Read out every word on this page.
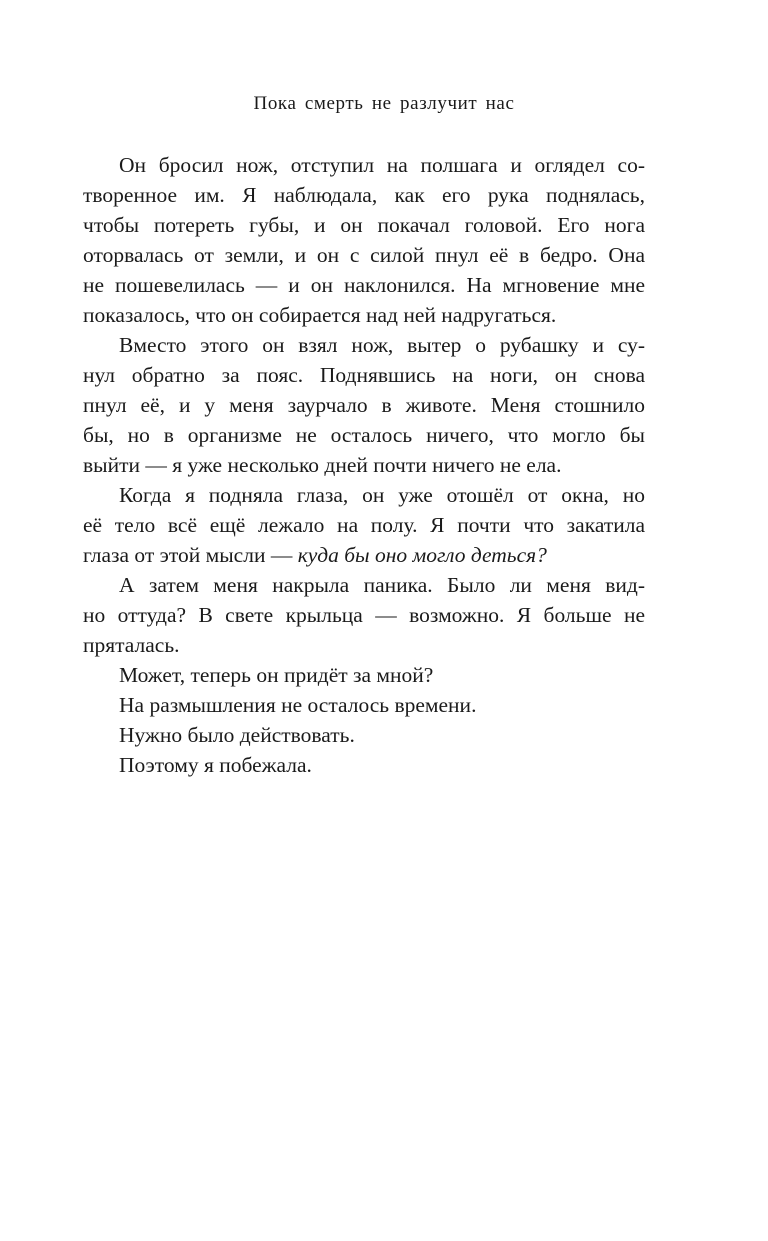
Пока смерть не разлучит нас
Он бросил нож, отступил на полшага и оглядел со-
творенное им. Я наблюдала, как его рука поднялась,
чтобы потереть губы, и он покачал головой. Его нога
оторвалась от земли, и он с силой пнул её в бедро. Она
не пошевелилась — и он наклонился. На мгновение мне
показалось, что он собирается над ней надругаться.
Вместо этого он взял нож, вытер о рубашку и су-
нул обратно за пояс. Поднявшись на ноги, он снова
пнул её, и у меня заурчало в животе. Меня стошнило
бы, но в организме не осталось ничего, что могло бы
выйти — я уже несколько дней почти ничего не ела.
Когда я подняла глаза, он уже отошёл от окна, но
её тело всё ещё лежало на полу. Я почти что закатила
глаза от этой мысли — куда бы оно могло деться?
А затем меня накрыла паника. Было ли меня вид-
но оттуда? В свете крыльца — возможно. Я больше не
пряталась.
Может, теперь он придёт за мной?
На размышления не осталось времени.
Нужно было действовать.
Поэтому я побежала.
